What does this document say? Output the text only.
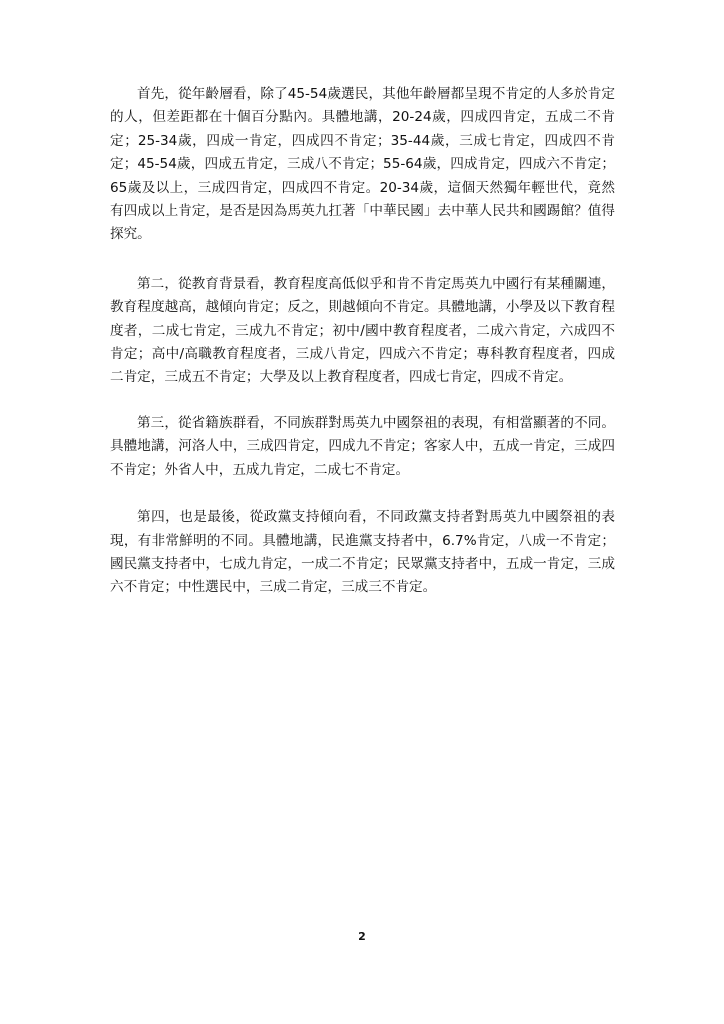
首先，從年齡層看，除了45-54歲選民，其他年齡層都呈現不肯定的人多於肯定的人，但差距都在十個百分點內。具體地講，20-24歲，四成四肯定，五成二不肯定；25-34歲，四成一肯定，四成四不肯定；35-44歲，三成七肯定，四成四不肯定；45-54歲，四成五肯定，三成八不肯定；55-64歲，四成肯定，四成六不肯定；65歲及以上，三成四肯定，四成四不肯定。20-34歲，這個天然獨年輕世代，竟然有四成以上肯定，是否是因為馬英九扛著「中華民國」去中華人民共和國踢館？值得探究。

第二，從教育背景看，教育程度高低似乎和肯不肯定馬英九中國行有某種關連，教育程度越高，越傾向肯定；反之，則越傾向不肯定。具體地講，小學及以下教育程度者，二成七肯定，三成九不肯定；初中/國中教育程度者，二成六肯定，六成四不肯定；高中/高職教育程度者，三成八肯定，四成六不肯定；專科教育程度者，四成二肯定，三成五不肯定；大學及以上教育程度者，四成七肯定，四成不肯定。

第三，從省籍族群看，不同族群對馬英九中國祭祖的表現，有相當顯著的不同。具體地講，河洛人中，三成四肯定，四成九不肯定；客家人中，五成一肯定，三成四不肯定；外省人中，五成九肯定，二成七不肯定。

第四，也是最後，從政黨支持傾向看，不同政黨支持者對馬英九中國祭祖的表現，有非常鮮明的不同。具體地講，民進黨支持者中，6.7%肯定，八成一不肯定；國民黨支持者中，七成九肯定，一成二不肯定；民眾黨支持者中，五成一肯定，三成六不肯定；中性選民中，三成二肯定，三成三不肯定。

2
